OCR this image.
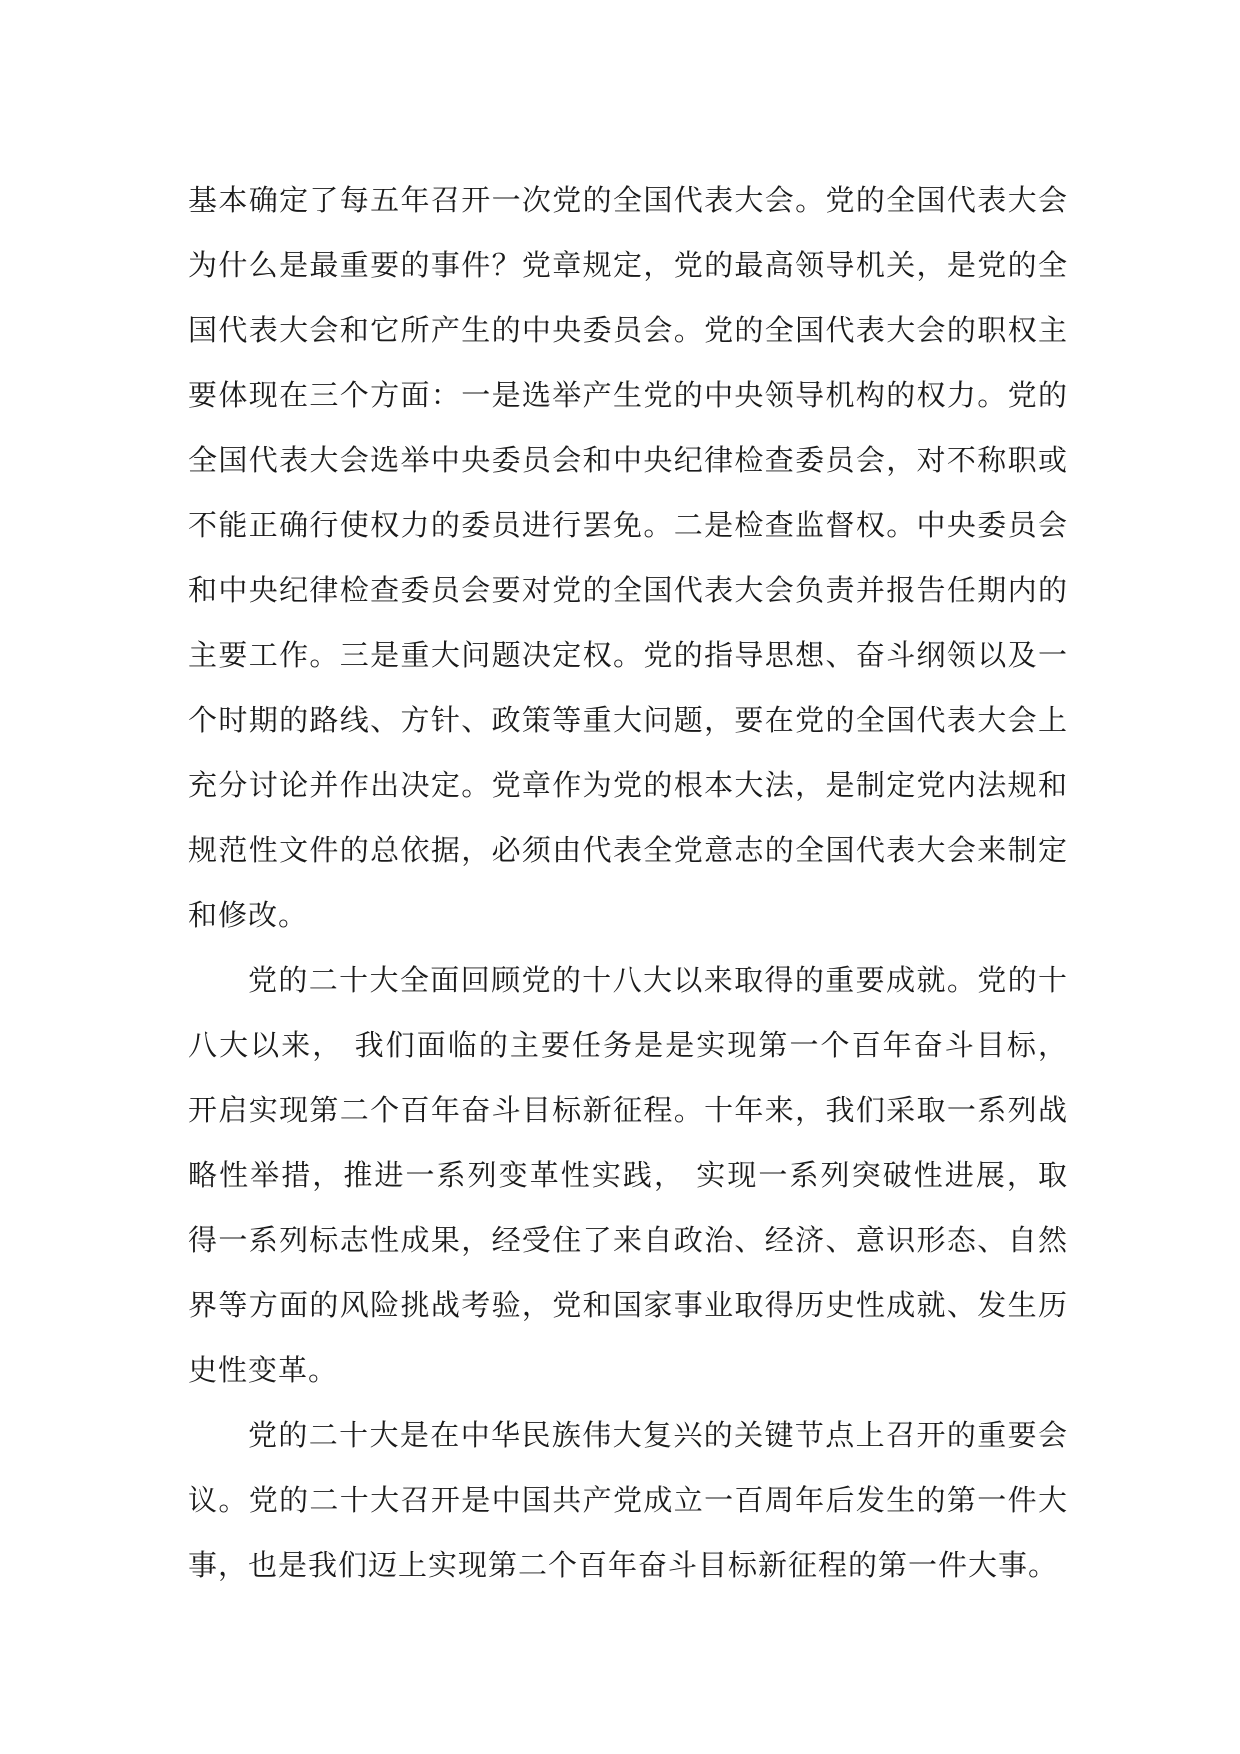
基本确定了每五年召开一次党的全国代表大会。党的全国代表大会为什么是最重要的事件？党章规定，党的最高领导机关，是党的全国代表大会和它所产生的中央委员会。党的全国代表大会的职权主要体现在三个方面：一是选举产生党的中央领导机构的权力。党的全国代表大会选举中央委员会和中央纪律检查委员会，对不称职或不能正确行使权力的委员进行罢免。二是检查监督权。中央委员会和中央纪律检查委员会要对党的全国代表大会负责并报告任期内的主要工作。三是重大问题决定权。党的指导思想、奋斗纲领以及一个时期的路线、方针、政策等重大问题，要在党的全国代表大会上充分讨论并作出决定。党章作为党的根本大法，是制定党内法规和规范性文件的总依据，必须由代表全党意志的全国代表大会来制定和修改。

党的二十大全面回顾党的十八大以来取得的重要成就。党的十八大以来， 我们面临的主要任务是是实现第一个百年奋斗目标，开启实现第二个百年奋斗目标新征程。十年来，我们采取一系列战略性举措，推进一系列变革性实践， 实现一系列突破性进展，取得一系列标志性成果，经受住了来自政治、经济、意识形态、自然界等方面的风险挑战考验，党和国家事业取得历史性成就、发生历史性变革。

党的二十大是在中华民族伟大复兴的关键节点上召开的重要会议。党的二十大召开是中国共产党成立一百周年后发生的第一件大事，也是我们迈上实现第二个百年奋斗目标新征程的第一件大事。
